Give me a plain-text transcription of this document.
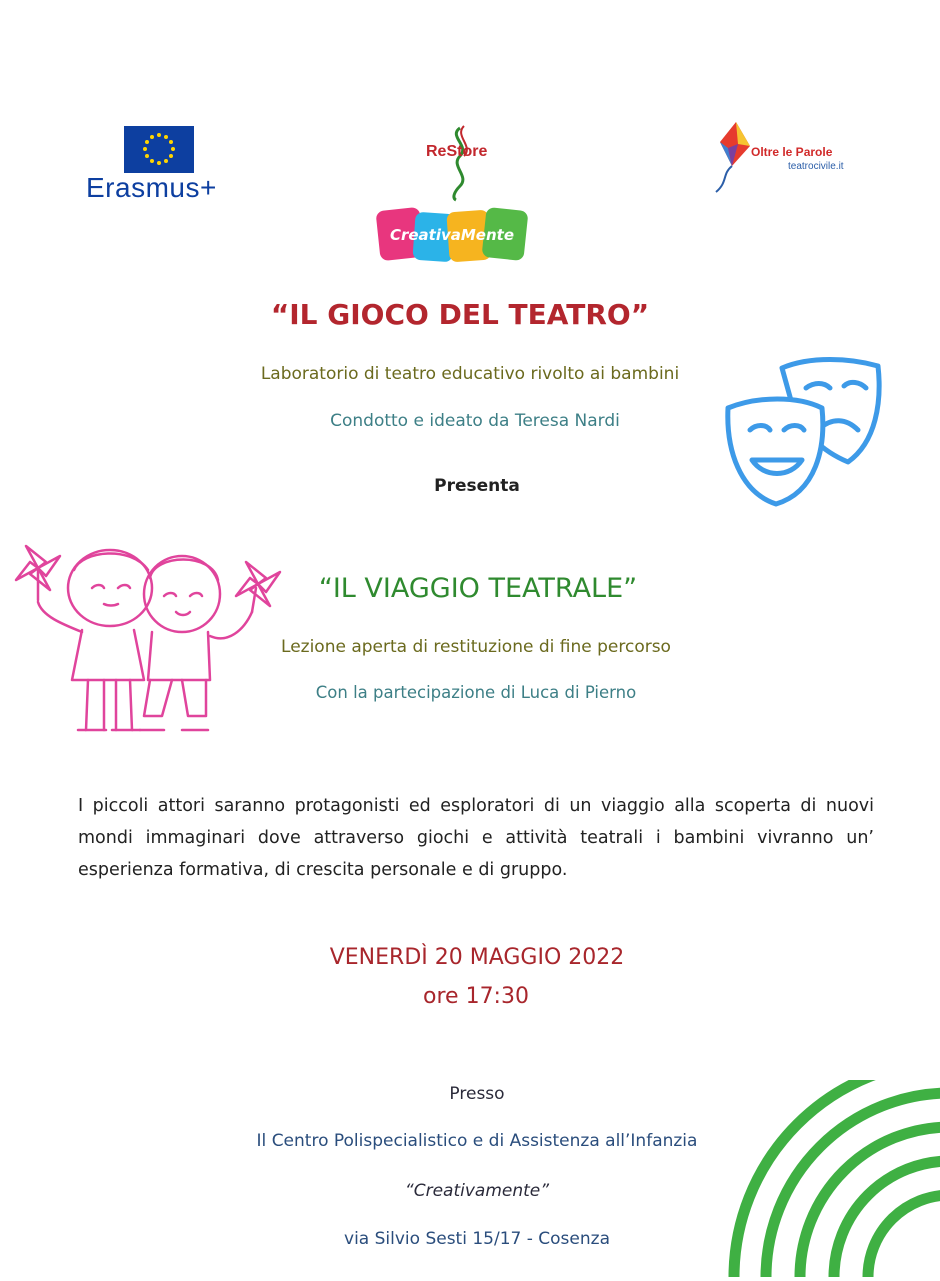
Erasmus+
ReStore	Oltre le Parole
teatrocivile.it
CreativaMente
“IL GIOCO DEL TEATRO”
Laboratorio di teatro educativo rivolto ai bambini
Condotto e ideato da Teresa Nardi
Presenta
“IL VIAGGIO TEATRALE”
Lezione aperta di restituzione di fine percorso
Con la partecipazione di Luca di Pierno
I piccoli attori saranno protagonisti ed esploratori di un viaggio alla scoperta di nuovi mondi immaginari dove attraverso giochi e attività teatrali i bambini vivranno un’ esperienza formativa, di crescita personale e di gruppo.
VENERDÌ 20 MAGGIO 2022
ore 17:30
Presso
Il Centro Polispecialistico e di Assistenza all’Infanzia
“Creativamente”
via Silvio Sesti 15/17 - Cosenza
